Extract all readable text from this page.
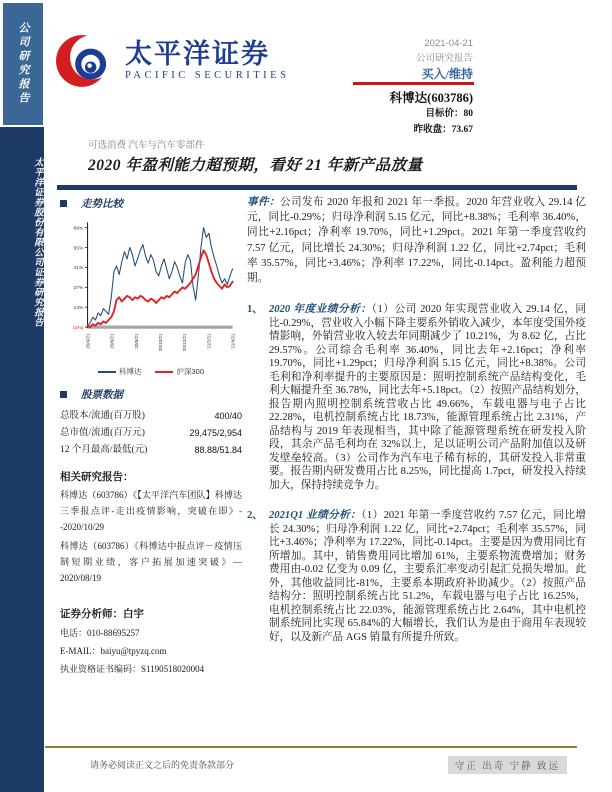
公司研究报告
太平洋证券股份有限公司证券研究报告
太平洋证券
PACIFIC SECURITIES
2021-04-21
公司研究报告
买入/维持
科博达(603786)
目标价：80
昨收盘：73.67
可选消费 汽车与汽车零部件
2020 年盈利能力超预期，看好 21 年新产品放量
走势比较
69%
55%
41%
27%
13%
(1%)
20/4/21	20/6/21	20/8/21	20/10/21	20/12/21	21/2/21	21/4/21
科博达	沪深300
股票数据
总股本/流通(百万股)	400/40
总市值/流通(百万元)	29,475/2,954
12 个月最高/最低(元)	88.88/51.84
相关研究报告：
科博达（603786）《【太平洋汽车团队】科博达三季报点评-走出疫情影响，突破在即》--2020/10/29
科博达（603786）《科博达中报点评－疫情压制短期业绩，客户拓展加速突破》—2020/08/19
证券分析师：白宇
电话：010-88695257
E-MAIL：baiyu@tpyzq.com
执业资格证书编码：S1190518020004
事件：公司发布 2020 年报和 2021 年一季报。2020 年营业收入 29.14 亿元，同比-0.29%；归母净利润 5.15 亿元，同比+8.38%；毛利率 36.40%，同比+2.16pct；净利率 19.70%，同比+1.29pct。2021 年第一季度营收约 7.57 亿元，同比增长 24.30%；归母净利润 1.22 亿，同比+2.74pct；毛利率 35.57%，同比+3.46%；净利率 17.22%，同比-0.14pct。盈利能力超预期。
1、 2020 年度业绩分析：（1）公司 2020 年实现营业收入 29.14 亿，同比-0.29%，营业收入小幅下降主要系外销收入减少，本年度受国外疫情影响，外销营业收入较去年同期减少了 10.21%，为 8.62 亿，占比 29.57%。公司综合毛利率 36.40%，同比去年+2.16pct；净利率 19.70%，同比+1.29pct；归母净利润 5.15 亿元，同比+8.38%。公司毛利和净利率提升的主要原因是：照明控制系统产品结构变化，毛利大幅提升至 36.78%，同比去年+5.18pct。（2）按照产品结构划分，报告期内照明控制系统营收占比 49.66%，车载电器与电子占比 22.28%，电机控制系统占比 18.73%，能源管理系统占比 2.31%，产品结构与 2019 年表现相当，其中除了能源管理系统在研发投入阶段，其余产品毛利均在 32%以上，足以证明公司产品附加值以及研发壁垒较高。（3）公司作为汽车电子稀有标的，其研发投入非常重要。报告期内研发费用占比 8.25%，同比提高 1.7pct，研发投入持续加大，保持持续竞争力。
2、 2021Q1 业绩分析：（1）2021 年第一季度营收约 7.57 亿元，同比增长 24.30%；归母净利润 1.22 亿，同比+2.74pct；毛利率 35.57%，同比+3.46%；净利率为 17.22%，同比-0.14pct。主要是因为费用同比有所增加。其中，销售费用同比增加 61%，主要系物流费增加；财务费用由-0.02 亿变为 0.09 亿，主要系汇率变动引起汇兑损失增加。此外，其他收益同比-81%，主要系本期政府补助减少。（2）按照产品结构分：照明控制系统占比 51.2%，车载电器与电子占比 16.25%，电机控制系统占比 22.03%，能源管理系统占比 2.64%，其中电机控制系统同比实现 65.84%的大幅增长，我们认为是由于商用车表现较好，以及新产品 AGS 销量有所提升所致。
请务必阅读正文之后的免责条款部分	守正 出奇 宁静 致远
